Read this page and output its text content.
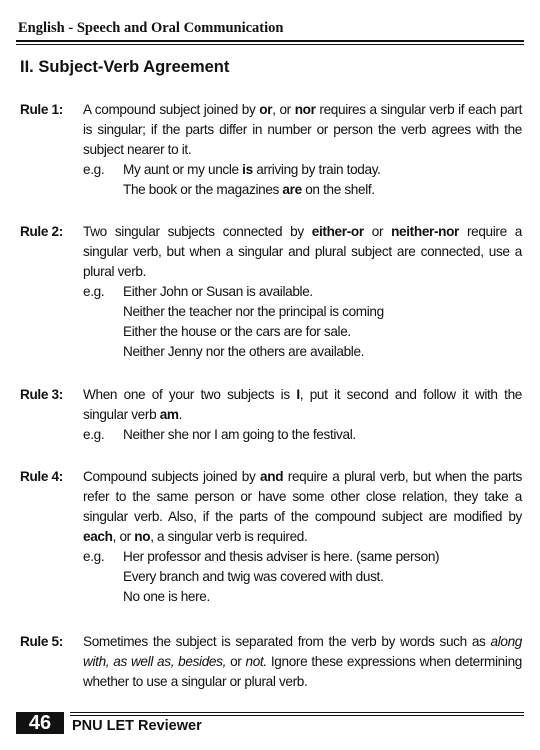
English - Speech and Oral Communication
II. Subject-Verb Agreement
Rule 1: A compound subject joined by or, or nor requires a singular verb if each part is singular; if the parts differ in number or person the verb agrees with the subject nearer to it.
e.g. My aunt or my uncle is arriving by train today.
The book or the magazines are on the shelf.
Rule 2: Two singular subjects connected by either-or or neither-nor require a singular verb, but when a singular and plural subject are connected, use a plural verb.
e.g. Either John or Susan is available.
Neither the teacher nor the principal is coming
Either the house or the cars are for sale.
Neither Jenny nor the others are available.
Rule 3: When one of your two subjects is I, put it second and follow it with the singular verb am.
e.g. Neither she nor I am going to the festival.
Rule 4: Compound subjects joined by and require a plural verb, but when the parts refer to the same person or have some other close relation, they take a singular verb. Also, if the parts of the compound subject are modified by each, or no, a singular verb is required.
e.g. Her professor and thesis adviser is here. (same person)
Every branch and twig was covered with dust.
No one is here.
Rule 5: Sometimes the subject is separated from the verb by words such as along with, as well as, besides, or not. Ignore these expressions when determining whether to use a singular or plural verb.
46	PNU LET Reviewer
